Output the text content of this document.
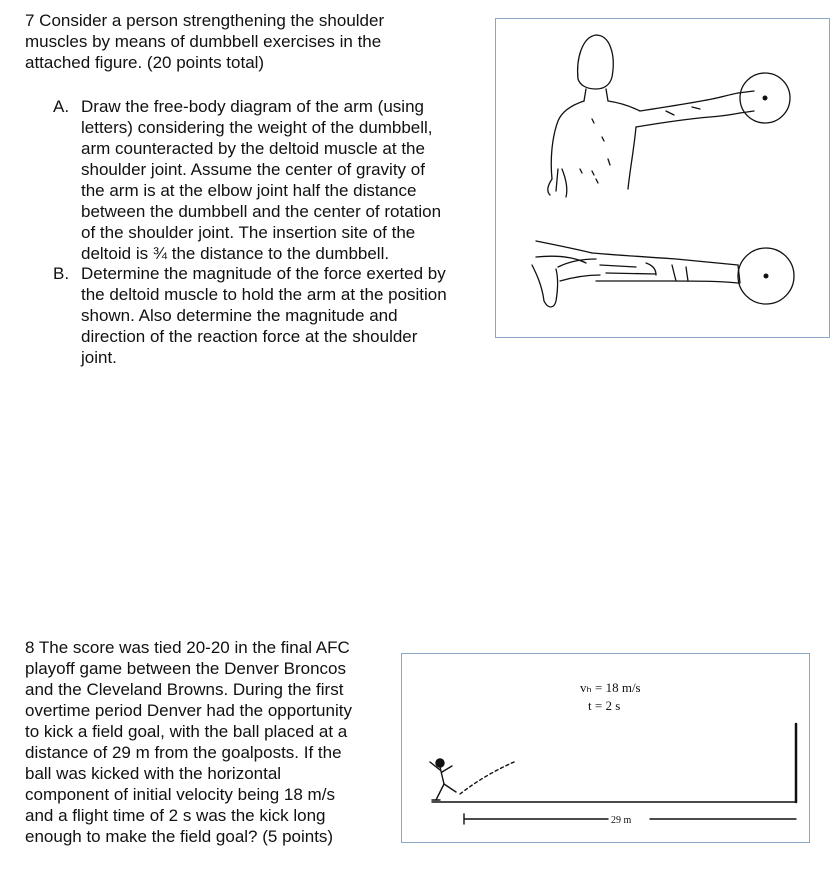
7 Consider a person strengthening the shoulder
muscles by means of dumbbell exercises in the
attached figure. (20 points total)

A. Draw the free-body diagram of the arm (using
letters) considering the weight of the dumbbell,
arm counteracted by the deltoid muscle at the
shoulder joint. Assume the center of gravity of
the arm is at the elbow joint half the distance
between the dumbbell and the center of rotation
of the shoulder joint. The insertion site of the
deltoid is ¾ the distance to the dumbbell.
B. Determine the magnitude of the force exerted by
the deltoid muscle to hold the arm at the position
shown. Also determine the magnitude and
direction of the reaction force at the shoulder
joint.

8 The score was tied 20-20 in the final AFC
playoff game between the Denver Broncos
and the Cleveland Browns. During the first
overtime period Denver had the opportunity
to kick a field goal, with the ball placed at a
distance of 29 m from the goalposts. If the
ball was kicked with the horizontal
component of initial velocity being 18 m/s
and a flight time of 2 s was the kick long
enough to make the field goal? (5 points)

vₕ = 18 m/s
t = 2 s
29 m
